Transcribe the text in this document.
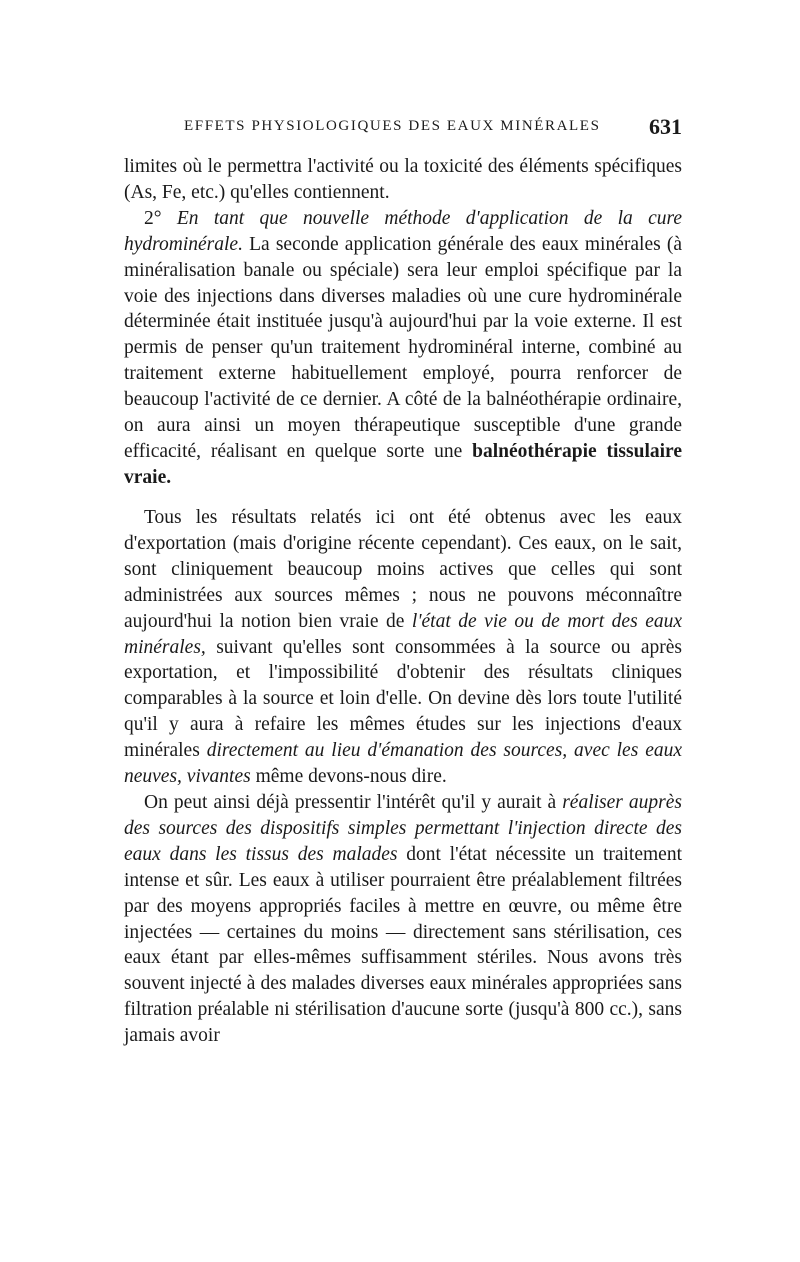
EFFETS PHYSIOLOGIQUES DES EAUX MINÉRALES 631

limites où le permettra l'activité ou la toxicité des éléments spécifiques (As, Fe, etc.) qu'elles contiennent.

2° En tant que nouvelle méthode d'application de la cure hydrominérale. La seconde application générale des eaux minérales (à minéralisation banale ou spéciale) sera leur emploi spécifique par la voie des injections dans diverses maladies où une cure hydrominérale déterminée était instituée jusqu'à aujourd'hui par la voie externe. Il est permis de penser qu'un traitement hydrominéral interne, combiné au traitement externe habituellement employé, pourra renforcer de beaucoup l'activité de ce dernier. A côté de la balnéothérapie ordinaire, on aura ainsi un moyen thérapeutique susceptible d'une grande efficacité, réalisant en quelque sorte une balnéothérapie tissulaire vraie.

Tous les résultats relatés ici ont été obtenus avec les eaux d'exportation (mais d'origine récente cependant). Ces eaux, on le sait, sont cliniquement beaucoup moins actives que celles qui sont administrées aux sources mêmes ; nous ne pouvons méconnaître aujourd'hui la notion bien vraie de l'état de vie ou de mort des eaux minérales, suivant qu'elles sont consommées à la source ou après exportation, et l'impossibilité d'obtenir des résultats cliniques comparables à la source et loin d'elle. On devine dès lors toute l'utilité qu'il y aura à refaire les mêmes études sur les injections d'eaux minérales directement au lieu d'émanation des sources, avec les eaux neuves, vivantes même devons-nous dire.

On peut ainsi déjà pressentir l'intérêt qu'il y aurait à réaliser auprès des sources des dispositifs simples permettant l'injection directe des eaux dans les tissus des malades dont l'état nécessite un traitement intense et sûr. Les eaux à utiliser pourraient être préalablement filtrées par des moyens appropriés faciles à mettre en œuvre, ou même être injectées — certaines du moins — directement sans stérilisation, ces eaux étant par elles-mêmes suffisamment stériles. Nous avons très souvent injecté à des malades diverses eaux minérales appropriées sans filtration préalable ni stérilisation d'aucune sorte (jusqu'à 800 cc.), sans jamais avoir
